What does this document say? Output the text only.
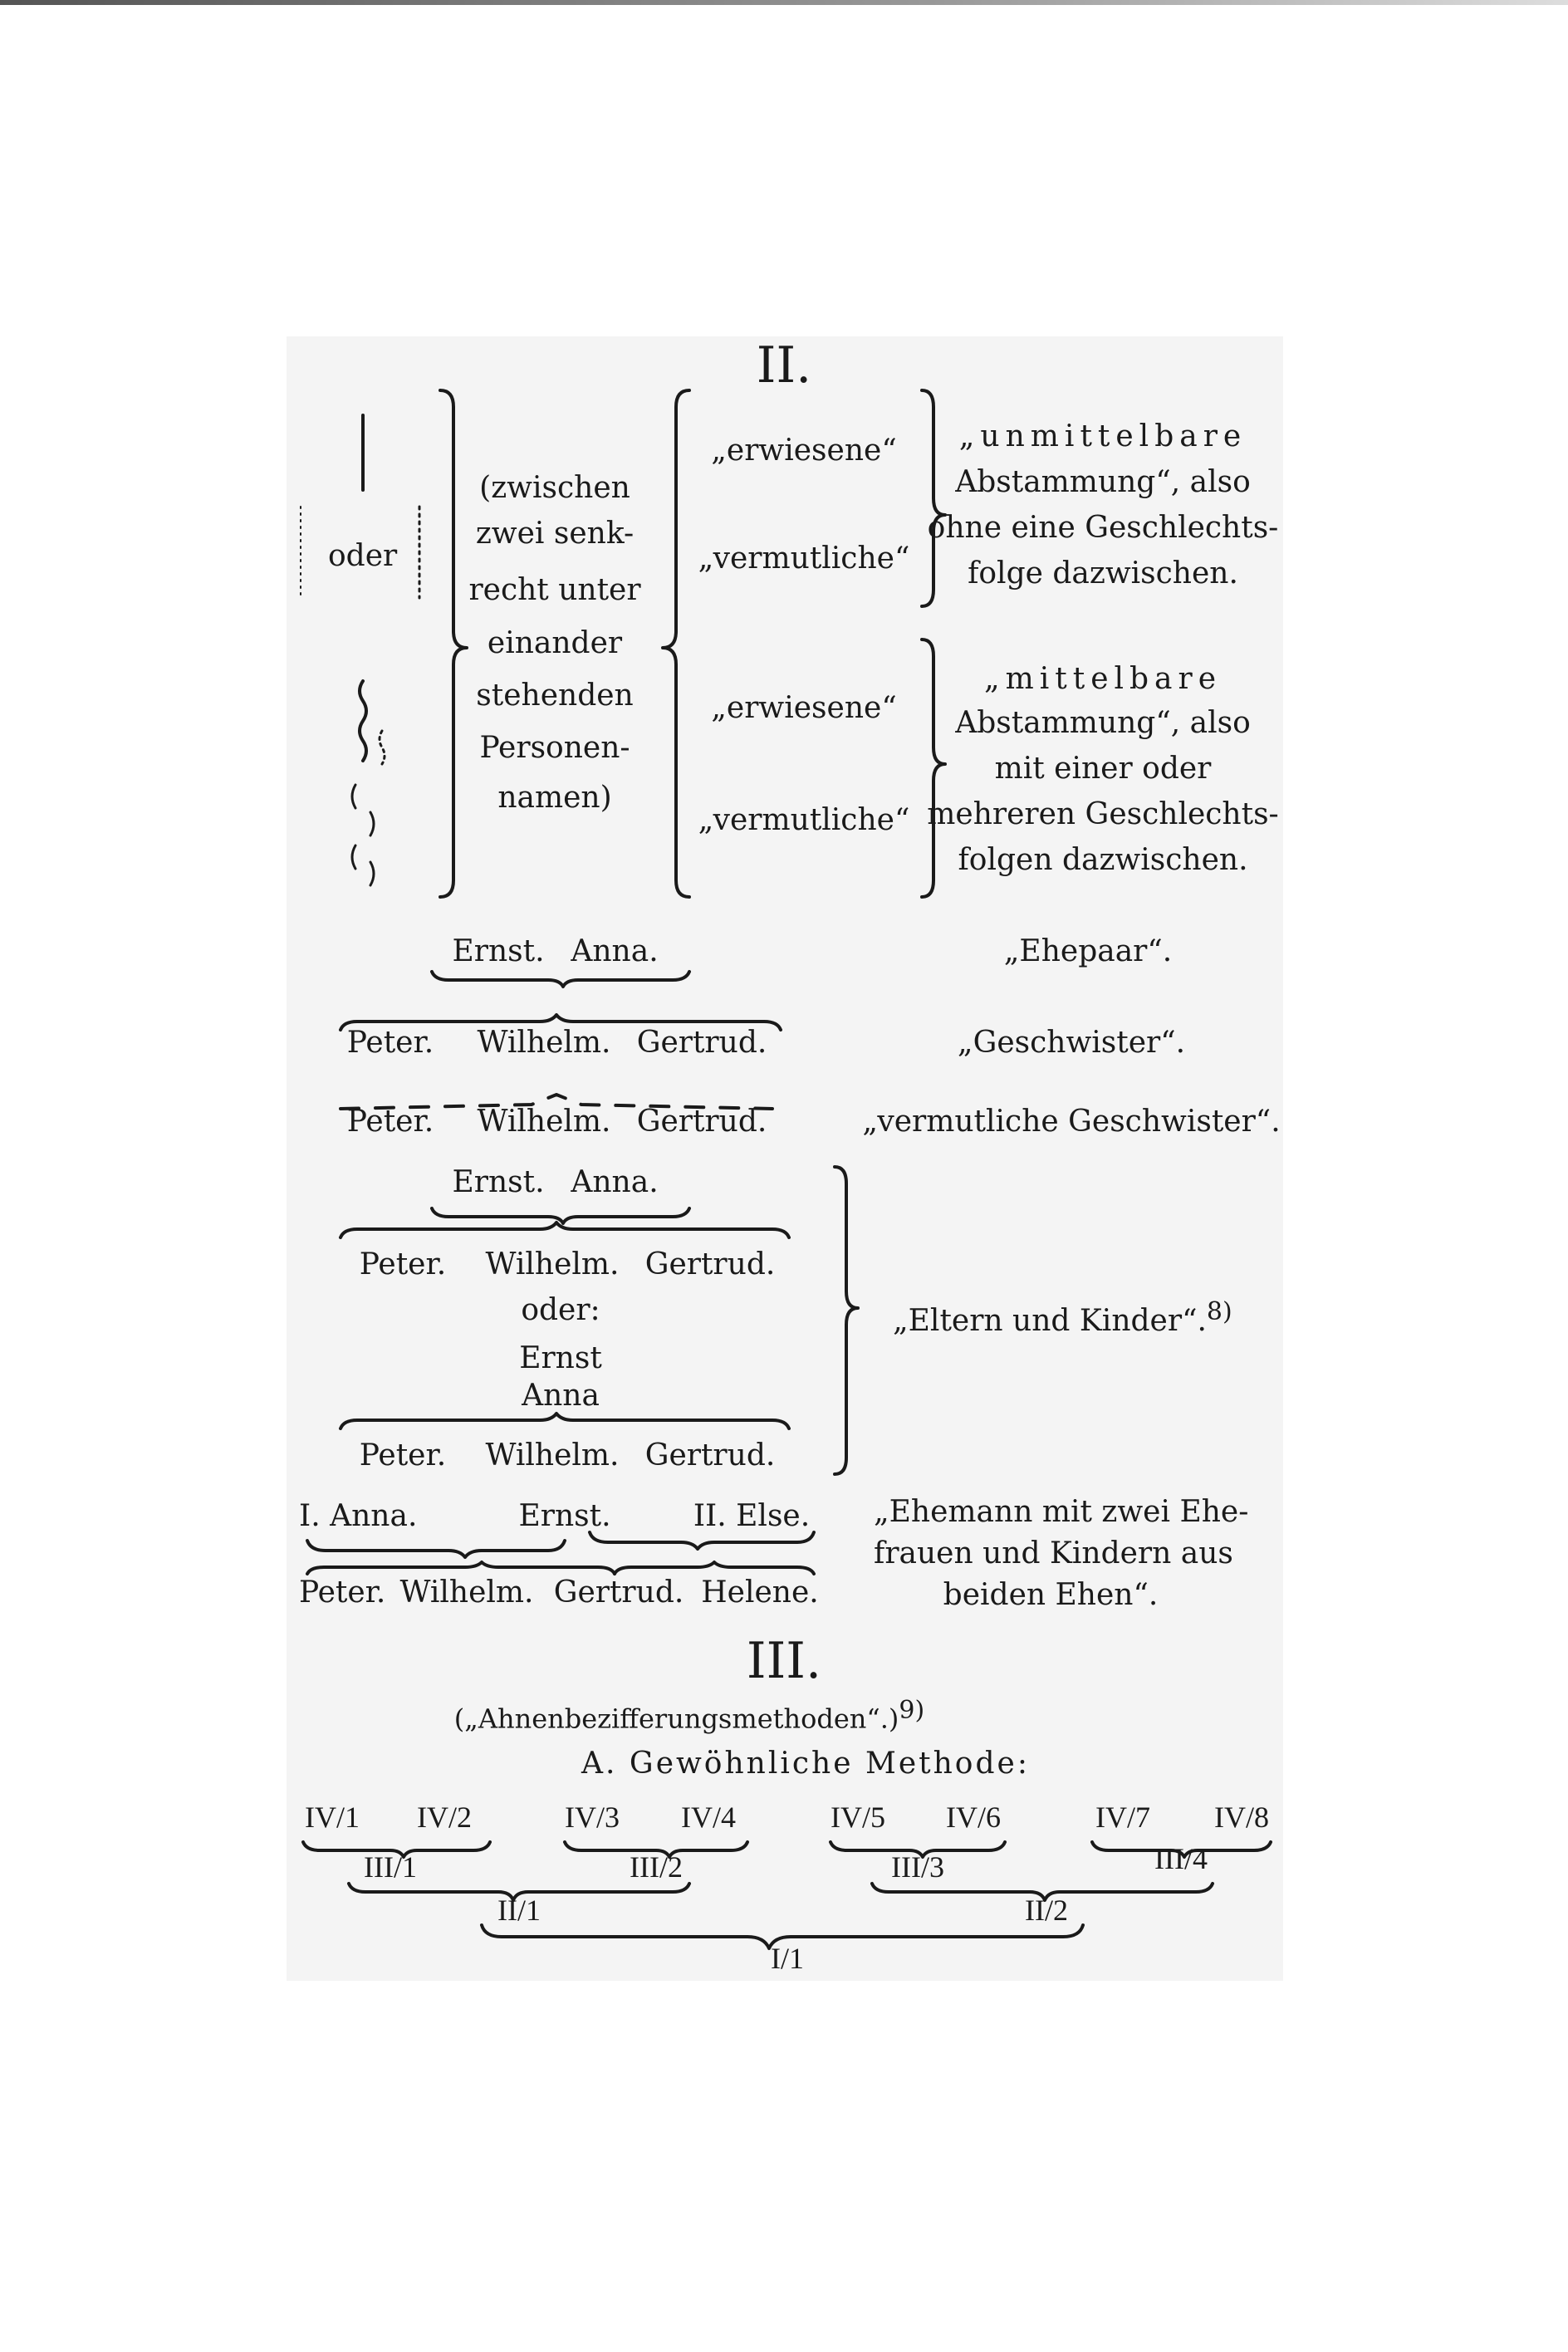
II.
oder
(zwischen
zwei senk-
recht unter
einander
stehenden
Personen-
namen)
„erwiesene“
„vermutliche“
„erwiesene“
„vermutliche“
„unmittelbare
Abstammung“, also
ohne eine Geschlechts-
folge dazwischen.
„mittelbare
Abstammung“, also
mit einer oder
mehreren Geschlechts-
folgen dazwischen.
Ernst. Anna.	„Ehepaar“.
Peter. Wilhelm. Gertrud.	„Geschwister“.
Peter. Wilhelm. Gertrud.	„vermutliche Geschwister“.
Ernst. Anna.
Peter. Wilhelm. Gertrud.
oder:
Ernst
Anna
Peter. Wilhelm. Gertrud.
„Eltern und Kinder“.$^{8)}$
I. Anna.	Ernst.	II. Else.
Peter. Wilhelm. Gertrud. Helene.
„Ehemann mit zwei Ehe-
frauen und Kindern aus
beiden Ehen“.
III.
(„Ahnenbezifferungsmethoden“.)$^{9)}$
A. Gewöhnliche Methode:
IV/1 IV/2	IV/3 IV/4	IV/5 IV/6	IV/7 IV/8
III/1	III/2	III/3	III/4
II/1	II/2
I/1
